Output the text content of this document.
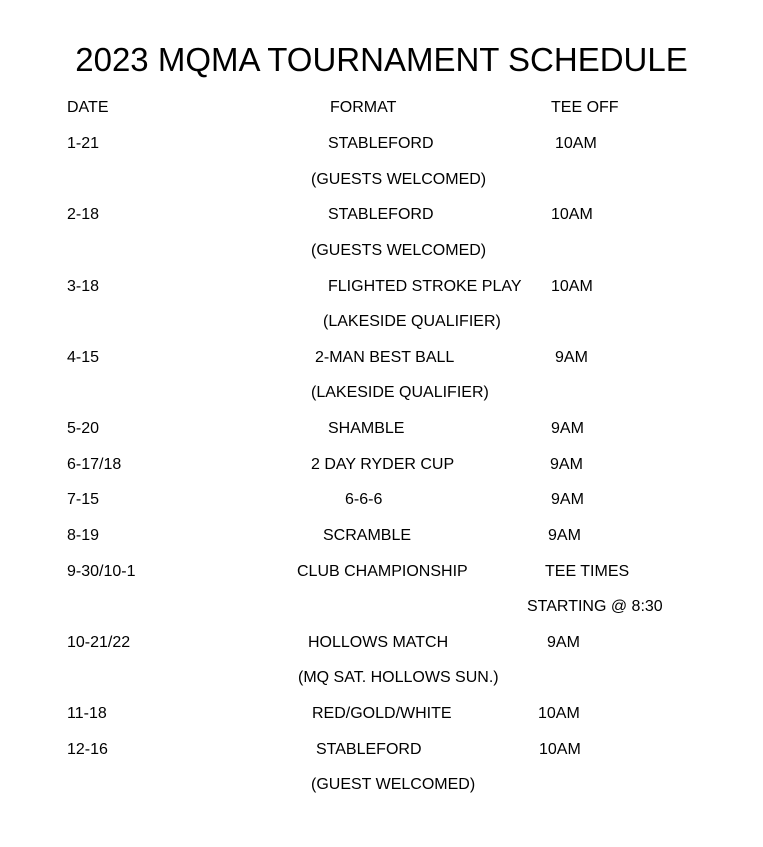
2023 MQMA TOURNAMENT SCHEDULE
DATE	FORMAT	TEE OFF
1-21	STABLEFORD	10AM
(GUESTS WELCOMED)
2-18	STABLEFORD	10AM
(GUESTS WELCOMED)
3-18	FLIGHTED STROKE PLAY 10AM
(LAKESIDE QUALIFIER)
4-15	2-MAN BEST BALL	9AM
(LAKESIDE QUALIFIER)
5-20	SHAMBLE	9AM
6-17/18	2 DAY RYDER CUP	9AM
7-15	6-6-6	9AM
8-19	SCRAMBLE	9AM
9-30/10-1	CLUB CHAMPIONSHIP	TEE TIMES
STARTING @ 8:30
10-21/22	HOLLOWS MATCH	9AM
(MQ SAT. HOLLOWS SUN.)
11-18	RED/GOLD/WHITE	10AM
12-16	STABLEFORD	10AM
(GUEST WELCOMED)
